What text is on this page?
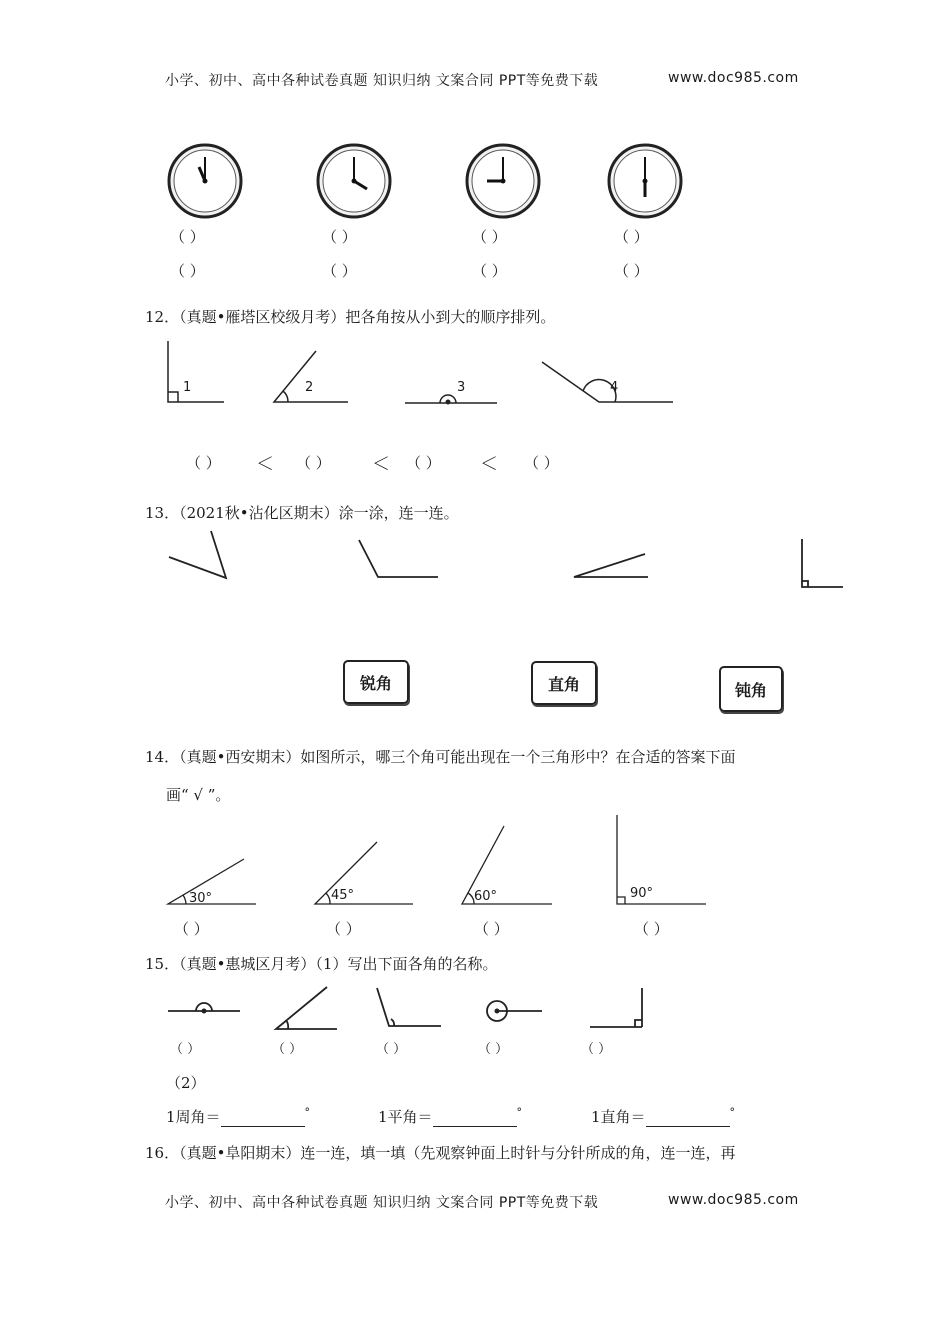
小学、初中、高中各种试卷真题 知识归纳 文案合同 PPT等免费下载	www.doc985.com
（ ）	（ ）	（ ）	（ ）
（ ）	（ ）	（ ）	（ ）
12．（真题•雁塔区校级月考）把各角按从小到大的顺序排列。
1	2	3	4
（ ） ＜ （ ） ＜ （ ） ＜ （ ）
13．（2021秋•沾化区期末）涂一涂，连一连。
锐角	直角	钝角
14．（真题•西安期末）如图所示，哪三个角可能出现在一个三角形中？在合适的答案下面
画“ √ ”。
30°	45°	60°	90°
（ ）	（ ）	（ ）	（ ）
15．（真题•惠城区月考）（1）写出下面各角的名称。
（ ）	（ ）	（ ）	（ ）	（ ）
（2）
1周角＝	°	1平角＝	°	1直角＝	°
16．（真题•阜阳期末）连一连，填一填（先观察钟面上时针与分针所成的角，连一连，再
小学、初中、高中各种试卷真题 知识归纳 文案合同 PPT等免费下载	www.doc985.com
